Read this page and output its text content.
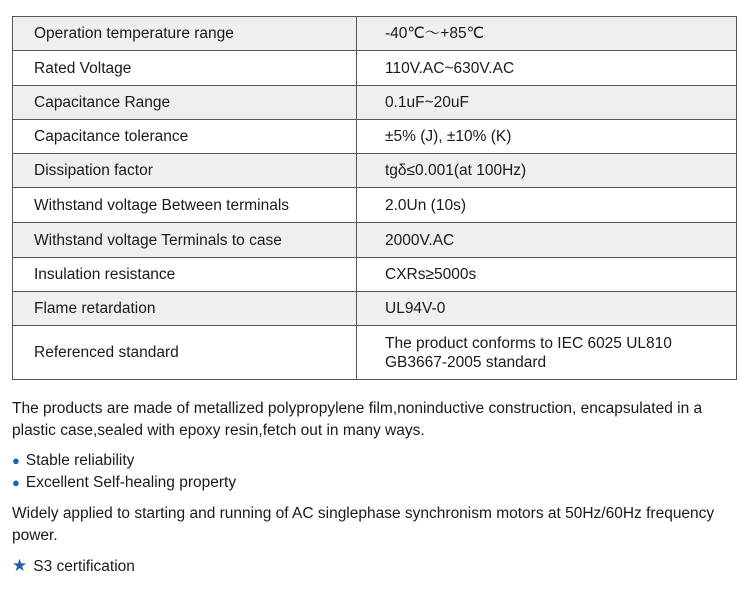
Operation temperature range	-40℃～+85℃
Rated Voltage	110V.AC~630V.AC
Capacitance Range	0.1uF~20uF
Capacitance tolerance	±5% (J), ±10% (K)
Dissipation factor	tgδ≤0.001(at 100Hz)
Withstand voltage Between terminals	2.0Un (10s)
Withstand voltage Terminals to case	2000V.AC
Insulation resistance	CXRs≥5000s
Flame retardation	UL94V-0
Referenced standard	The product conforms to IEC 6025 UL810
GB3667-2005 standard

The products are made of metallized polypropylene film,noninductive construction, encapsulated in a plastic case,sealed with epoxy resin,fetch out in many ways.

● Stable reliability
● Excellent Self-healing property

Widely applied to starting and running of AC singlephase synchronism motors at 50Hz/60Hz frequency power.

★ S3 certification
